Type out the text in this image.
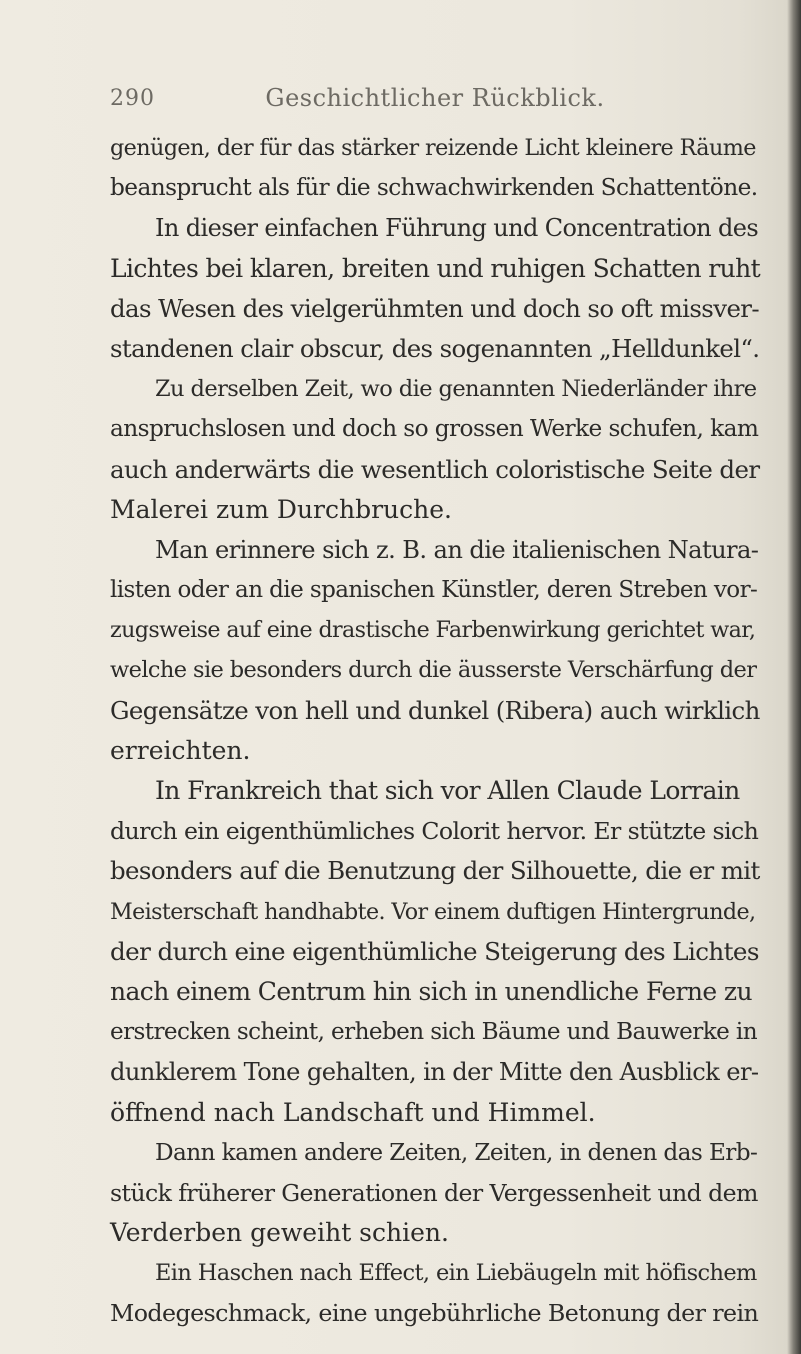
290	Geschichtlicher Rückblick.

genügen, der für das stärker reizende Licht kleinere Räume
beansprucht als für die schwachwirkenden Schattentöne.

In dieser einfachen Führung und Concentration des
Lichtes bei klaren, breiten und ruhigen Schatten ruht
das Wesen des vielgerühmten und doch so oft missver-
standenen clair obscur, des sogenannten „Helldunkel“.

Zu derselben Zeit, wo die genannten Niederländer ihre
anspruchslosen und doch so grossen Werke schufen, kam
auch anderwärts die wesentlich coloristische Seite der
Malerei zum Durchbruche.

Man erinnere sich z. B. an die italienischen Natura-
listen oder an die spanischen Künstler, deren Streben vor-
zugsweise auf eine drastische Farbenwirkung gerichtet war,
welche sie besonders durch die äusserste Verschärfung der
Gegensätze von hell und dunkel (Ribera) auch wirklich
erreichten.

In Frankreich that sich vor Allen Claude Lorrain
durch ein eigenthümliches Colorit hervor. Er stützte sich
besonders auf die Benutzung der Silhouette, die er mit
Meisterschaft handhabte. Vor einem duftigen Hintergrunde,
der durch eine eigenthümliche Steigerung des Lichtes
nach einem Centrum hin sich in unendliche Ferne zu
erstrecken scheint, erheben sich Bäume und Bauwerke in
dunklerem Tone gehalten, in der Mitte den Ausblick er-
öffnend nach Landschaft und Himmel.

Dann kamen andere Zeiten, Zeiten, in denen das Erb-
stück früherer Generationen der Vergessenheit und dem
Verderben geweiht schien.

Ein Haschen nach Effect, ein Liebäugeln mit höfischem
Modegeschmack, eine ungebührliche Betonung der rein
